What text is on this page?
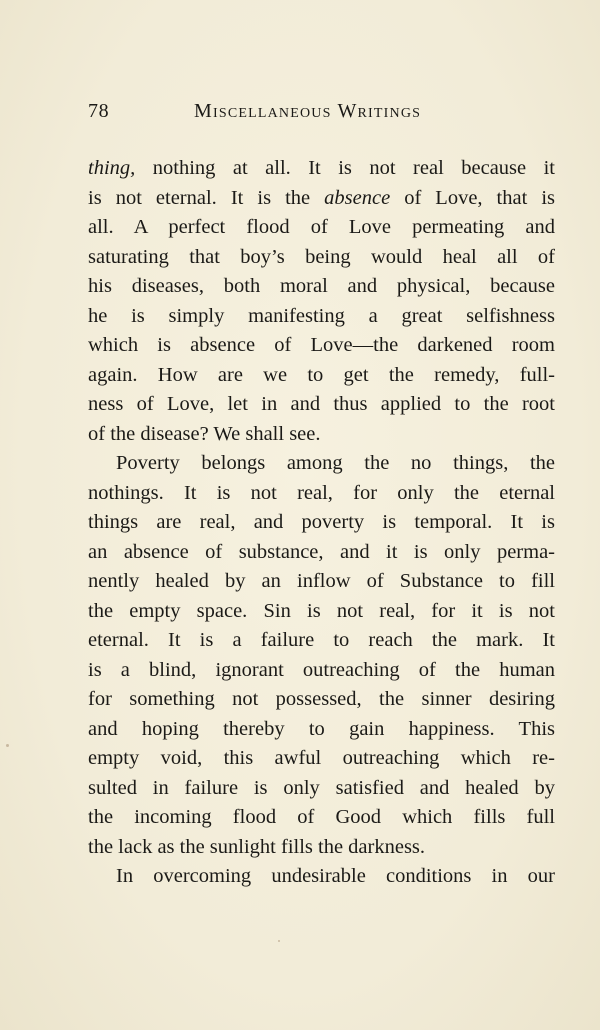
78	Miscellaneous Writings
thing, nothing at all. It is not real because it
is not eternal. It is the absence of Love, that is
all. A perfect flood of Love permeating and
saturating that boy’s being would heal all of
his diseases, both moral and physical, because
he is simply manifesting a great selfishness
which is absence of Love—the darkened room
again. How are we to get the remedy, full-
ness of Love, let in and thus applied to the root
of the disease? We shall see.
Poverty belongs among the no things, the
nothings. It is not real, for only the eternal
things are real, and poverty is temporal. It is
an absence of substance, and it is only perma-
nently healed by an inflow of Substance to fill
the empty space. Sin is not real, for it is not
eternal. It is a failure to reach the mark. It
is a blind, ignorant outreaching of the human
for something not possessed, the sinner desiring
and hoping thereby to gain happiness. This
empty void, this awful outreaching which re-
sulted in failure is only satisfied and healed by
the incoming flood of Good which fills full
the lack as the sunlight fills the darkness.
In overcoming undesirable conditions in our
